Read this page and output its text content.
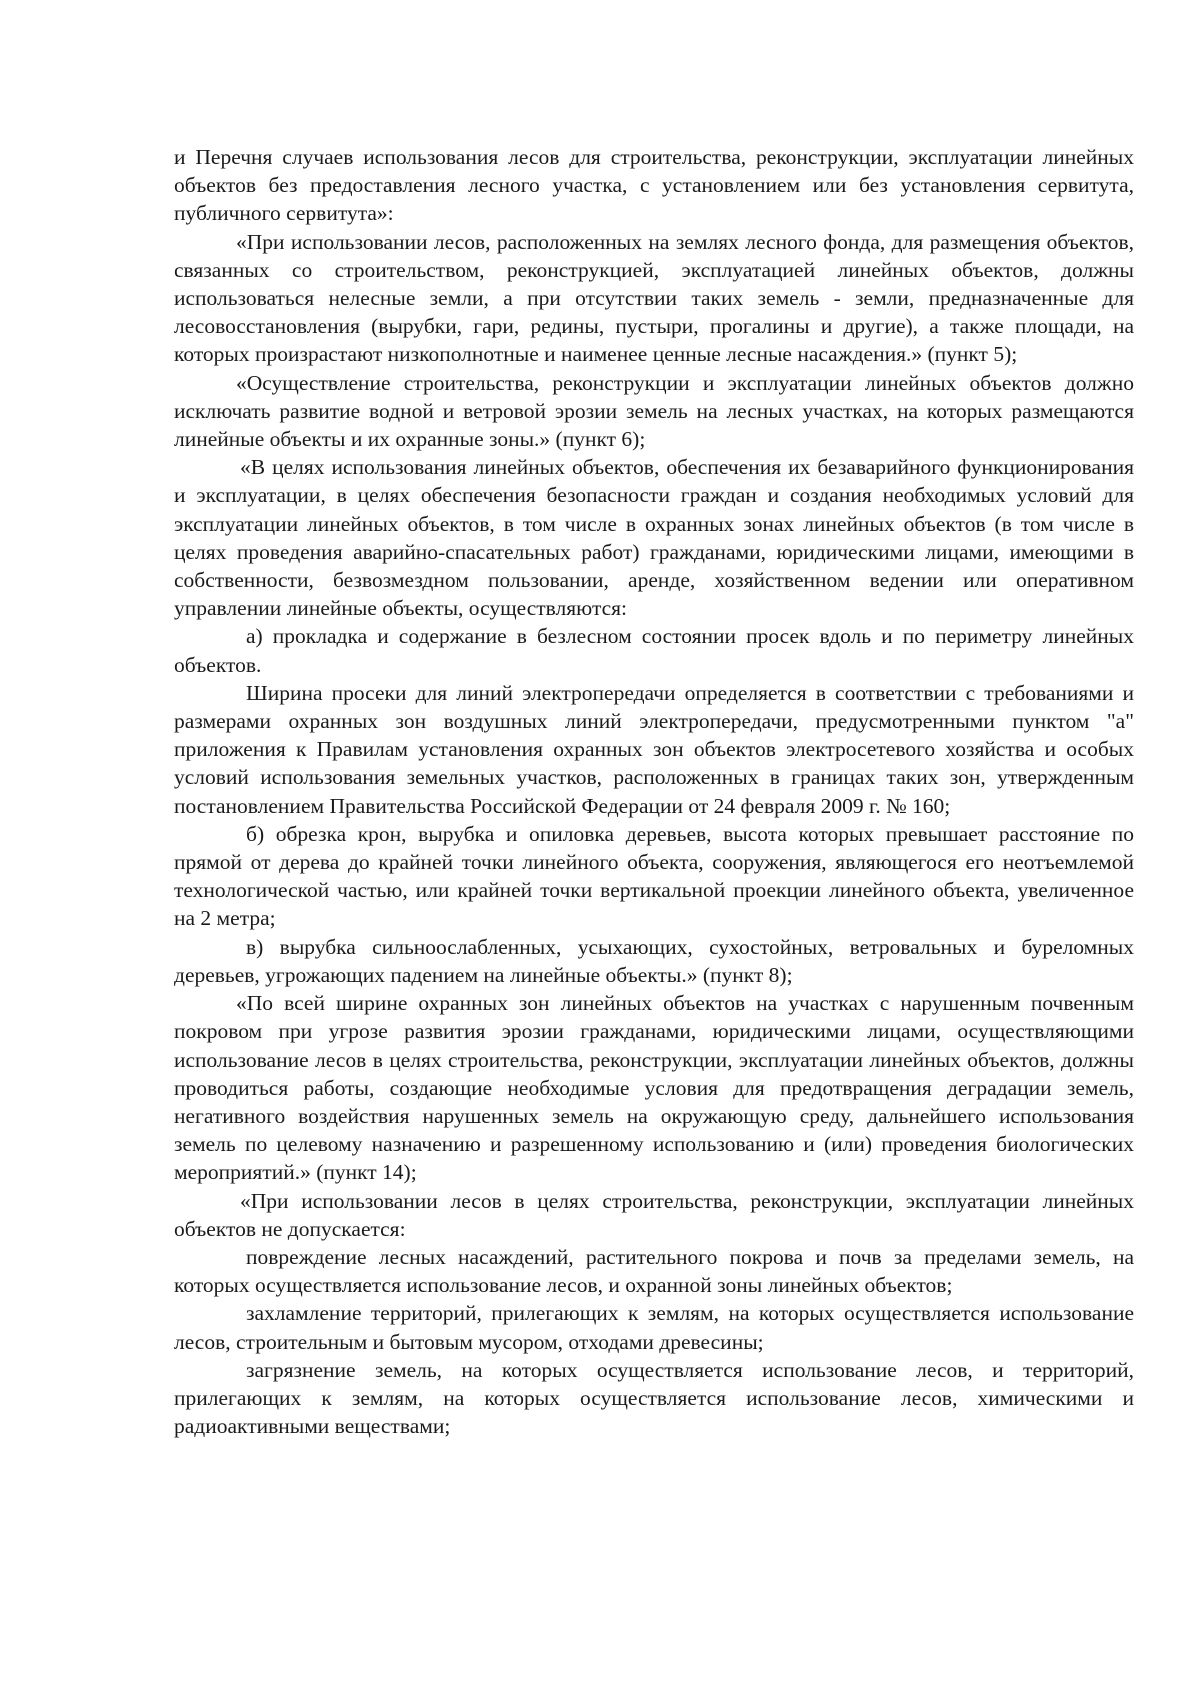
и Перечня случаев использования лесов для строительства, реконструкции, эксплуатации линейных объектов без предоставления лесного участка, с установлением или без установления сервитута, публичного сервитута»:

«При использовании лесов, расположенных на землях лесного фонда, для размещения объектов, связанных со строительством, реконструкцией, эксплуатацией линейных объектов, должны использоваться нелесные земли, а при отсутствии таких земель - земли, предназначенные для лесовосстановления (вырубки, гари, редины, пустыри, прогалины и другие), а также площади, на которых произрастают низкополнотные и наименее ценные лесные насаждения.» (пункт 5);

«Осуществление строительства, реконструкции и эксплуатации линейных объектов должно исключать развитие водной и ветровой эрозии земель на лесных участках, на которых размещаются линейные объекты и их охранные зоны.» (пункт 6);

«В целях использования линейных объектов, обеспечения их безаварийного функционирования и эксплуатации, в целях обеспечения безопасности граждан и создания необходимых условий для эксплуатации линейных объектов, в том числе в охранных зонах линейных объектов (в том числе в целях проведения аварийно-спасательных работ) гражданами, юридическими лицами, имеющими в собственности, безвозмездном пользовании, аренде, хозяйственном ведении или оперативном управлении линейные объекты, осуществляются:

а) прокладка и содержание в безлесном состоянии просек вдоль и по периметру линейных объектов.

Ширина просеки для линий электропередачи определяется в соответствии с требованиями и размерами охранных зон воздушных линий электропередачи, предусмотренными пунктом "а" приложения к Правилам установления охранных зон объектов электросетевого хозяйства и особых условий использования земельных участков, расположенных в границах таких зон, утвержденным постановлением Правительства Российской Федерации от 24 февраля 2009 г. № 160;

б) обрезка крон, вырубка и опиловка деревьев, высота которых превышает расстояние по прямой от дерева до крайней точки линейного объекта, сооружения, являющегося его неотъемлемой технологической частью, или крайней точки вертикальной проекции линейного объекта, увеличенное на 2 метра;

в) вырубка сильноослабленных, усыхающих, сухостойных, ветровальных и буреломных деревьев, угрожающих падением на линейные объекты.» (пункт 8);

«По всей ширине охранных зон линейных объектов на участках с нарушенным почвенным покровом при угрозе развития эрозии гражданами, юридическими лицами, осуществляющими использование лесов в целях строительства, реконструкции, эксплуатации линейных объектов, должны проводиться работы, создающие необходимые условия для предотвращения деградации земель, негативного воздействия нарушенных земель на окружающую среду, дальнейшего использования земель по целевому назначению и разрешенному использованию и (или) проведения биологических мероприятий.» (пункт 14);

«При использовании лесов в целях строительства, реконструкции, эксплуатации линейных объектов не допускается:

повреждение лесных насаждений, растительного покрова и почв за пределами земель, на которых осуществляется использование лесов, и охранной зоны линейных объектов;

захламление территорий, прилегающих к землям, на которых осуществляется использование лесов, строительным и бытовым мусором, отходами древесины;

загрязнение земель, на которых осуществляется использование лесов, и территорий, прилегающих к землям, на которых осуществляется использование лесов, химическими и радиоактивными веществами;
